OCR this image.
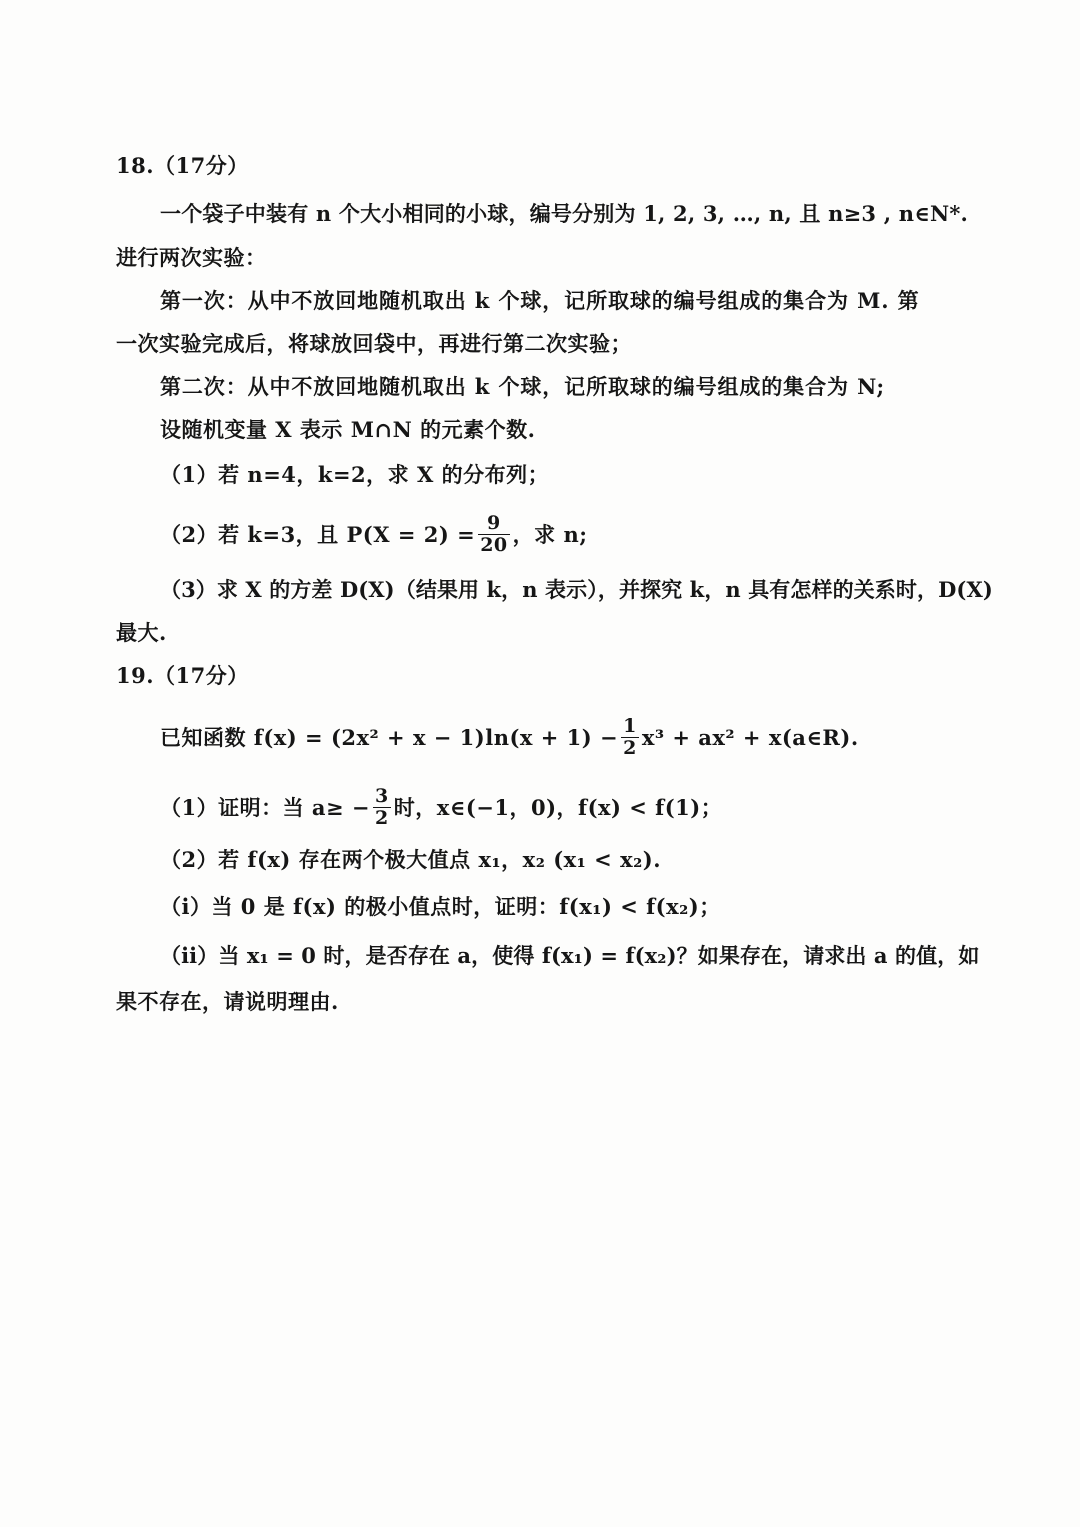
18.（17分）
一个袋子中装有 n 个大小相同的小球，编号分别为 1, 2, 3, …, n, 且 n≥3 , n∈N*.
进行两次实验：
第一次：从中不放回地随机取出 k 个球，记所取球的编号组成的集合为 M. 第
一次实验完成后，将球放回袋中，再进行第二次实验；
第二次：从中不放回地随机取出 k 个球，记所取球的编号组成的集合为 N;
设随机变量 X 表示 M∩N 的元素个数.
（1）若 n=4，k=2，求 X 的分布列；
（2）若 k=3，且 $P(X = 2) = \frac{9}{20}$ ，求 n;
（3）求 X 的方差 D(X)（结果用 k，n 表示），并探究 k，n 具有怎样的关系时，D(X)
最大.
19.（17分）
已知函数 $f(x) = (2x^2 + x - 1)\ln(x + 1) - \frac{1}{2} x^3 + ax^2$ + x(a∈R).
（1）证明：当 $a\ge - \frac{3}{2}$ 时，x∈(−1，0)，f(x) < f(1)；
（2）若 f(x) 存在两个极大值点 x₁，x₂ (x₁ < x₂).
（i）当 0 是 f(x) 的极小值点时，证明：f(x₁) < f(x₂)；
（ii）当 x₁ = 0 时，是否存在 a，使得 f(x₁) = f(x₂)？如果存在，请求出 a 的值，如
果不存在，请说明理由.
